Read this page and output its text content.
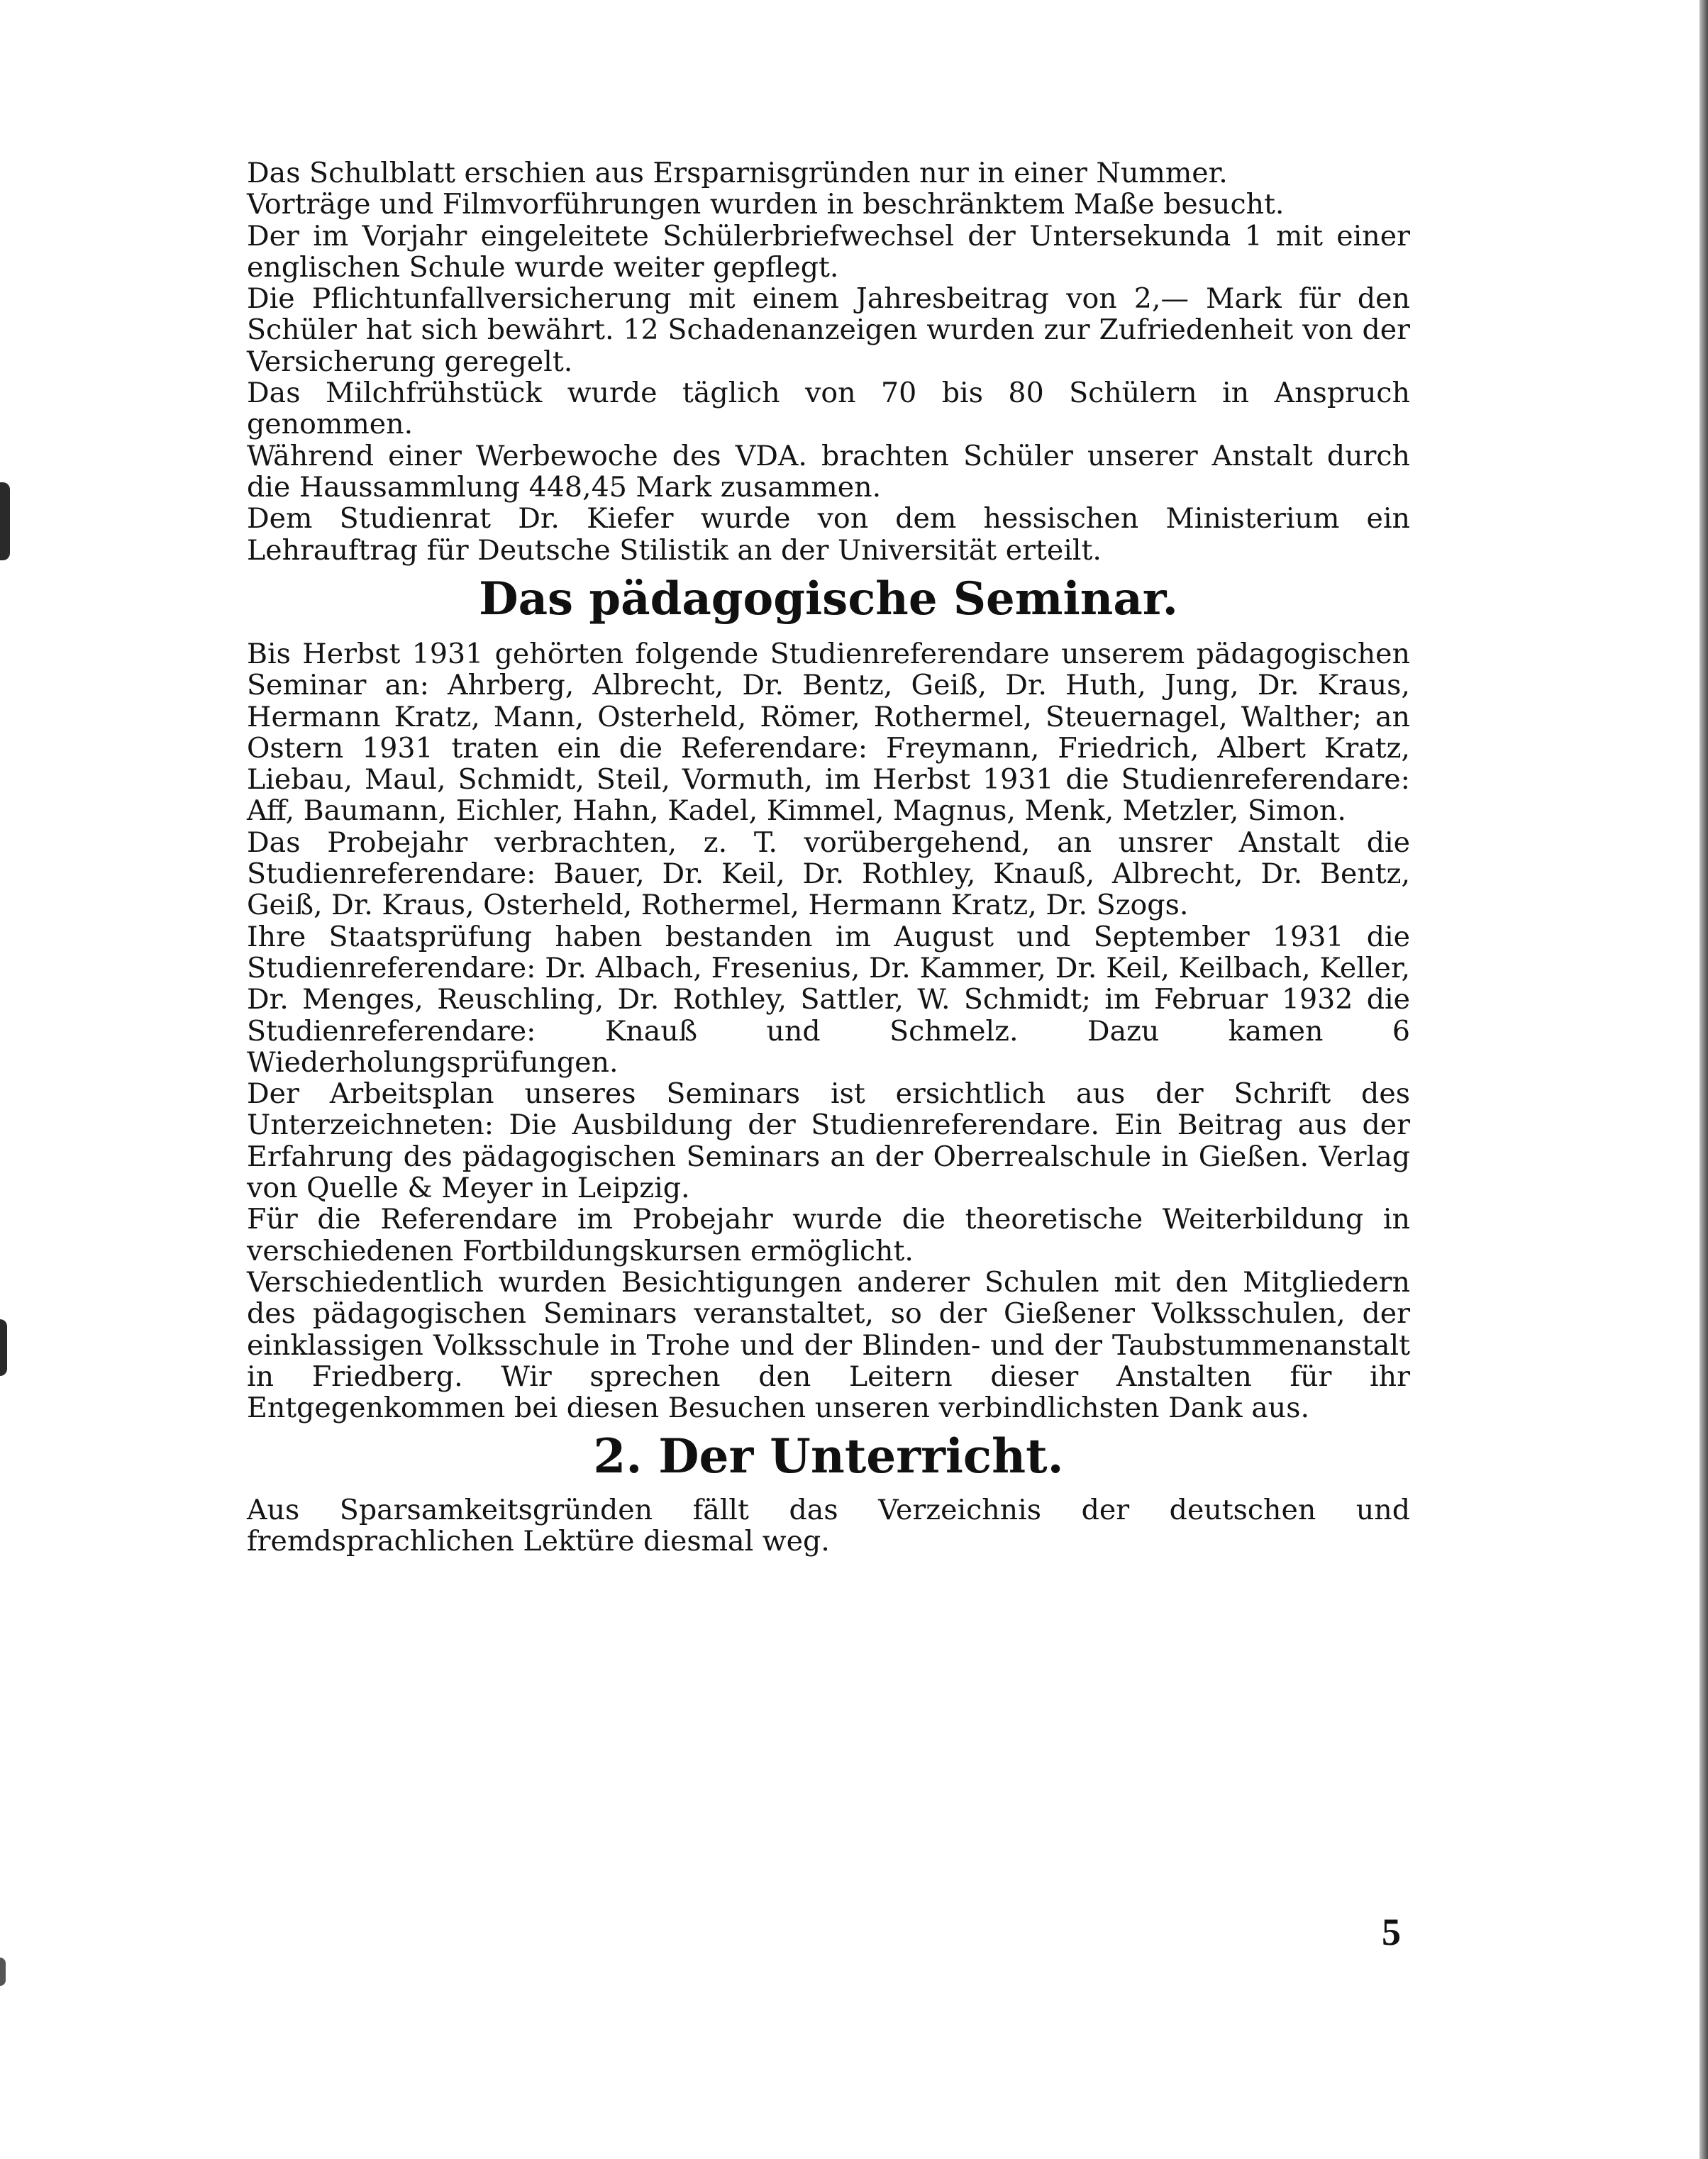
Das Schulblatt erschien aus Ersparnisgründen nur in einer Nummer.

Vorträge und Filmvorführungen wurden in beschränktem Maße besucht.

Der im Vorjahr eingeleitete Schülerbriefwechsel der Untersekunda 1 mit einer englischen Schule wurde weiter gepflegt.

Die Pflichtunfallversicherung mit einem Jahresbeitrag von 2,— Mark für den Schüler hat sich bewährt. 12 Schadenanzeigen wurden zur Zufriedenheit von der Versicherung geregelt.

Das Milchfrühstück wurde täglich von 70 bis 80 Schülern in Anspruch genommen.

Während einer Werbewoche des VDA. brachten Schüler unserer Anstalt durch die Haussammlung 448,45 Mark zusammen.

Dem Studienrat Dr. Kiefer wurde von dem hessischen Ministerium ein Lehrauftrag für Deutsche Stilistik an der Universität erteilt.

Das pädagogische Seminar.

Bis Herbst 1931 gehörten folgende Studienreferendare unserem pädagogischen Seminar an: Ahrberg, Albrecht, Dr. Bentz, Geiß, Dr. Huth, Jung, Dr. Kraus, Hermann Kratz, Mann, Osterheld, Römer, Rothermel, Steuernagel, Walther; an Ostern 1931 traten ein die Referendare: Freymann, Friedrich, Albert Kratz, Liebau, Maul, Schmidt, Steil, Vormuth, im Herbst 1931 die Studienreferendare: Aff, Baumann, Eichler, Hahn, Kadel, Kimmel, Magnus, Menk, Metzler, Simon.

Das Probejahr verbrachten, z. T. vorübergehend, an unsrer Anstalt die Studienreferendare: Bauer, Dr. Keil, Dr. Rothley, Knauß, Albrecht, Dr. Bentz, Geiß, Dr. Kraus, Osterheld, Rothermel, Hermann Kratz, Dr. Szogs.

Ihre Staatsprüfung haben bestanden im August und September 1931 die Studienreferendare: Dr. Albach, Fresenius, Dr. Kammer, Dr. Keil, Keilbach, Keller, Dr. Menges, Reuschling, Dr. Rothley, Sattler, W. Schmidt; im Februar 1932 die Studienreferendare: Knauß und Schmelz. Dazu kamen 6 Wiederholungsprüfungen.

Der Arbeitsplan unseres Seminars ist ersichtlich aus der Schrift des Unterzeichneten: Die Ausbildung der Studienreferendare. Ein Beitrag aus der Erfahrung des pädagogischen Seminars an der Oberrealschule in Gießen. Verlag von Quelle & Meyer in Leipzig.

Für die Referendare im Probejahr wurde die theoretische Weiterbildung in verschiedenen Fortbildungskursen ermöglicht.

Verschiedentlich wurden Besichtigungen anderer Schulen mit den Mitgliedern des pädagogischen Seminars veranstaltet, so der Gießener Volksschulen, der einklassigen Volksschule in Trohe und der Blinden- und der Taubstummenanstalt in Friedberg. Wir sprechen den Leitern dieser Anstalten für ihr Entgegenkommen bei diesen Besuchen unseren verbindlichsten Dank aus.

2. Der Unterricht.

Aus Sparsamkeitsgründen fällt das Verzeichnis der deutschen und fremdsprachlichen Lektüre diesmal weg.

5
